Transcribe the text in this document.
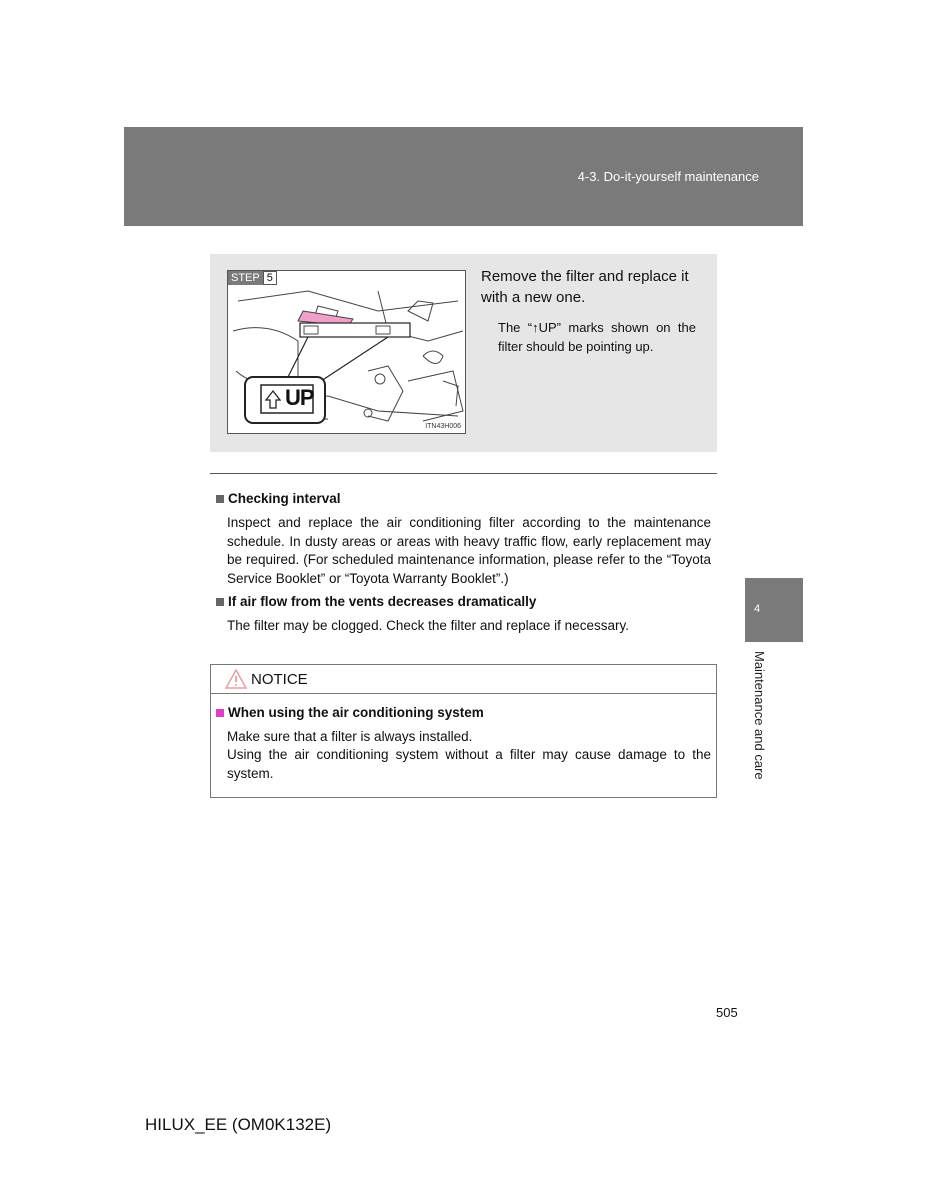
4-3. Do-it-yourself maintenance
STEP 5
UP
ITN43H006
Remove the filter and replace it with a new one.
The “↑UP” marks shown on the filter should be pointing up.
Checking interval
Inspect and replace the air conditioning filter according to the maintenance schedule. In dusty areas or areas with heavy traffic flow, early replacement may be required. (For scheduled maintenance information, please refer to the “Toyota Service Booklet” or “Toyota Warranty Booklet”.)
If air flow from the vents decreases dramatically
The filter may be clogged. Check the filter and replace if necessary.
NOTICE
When using the air conditioning system
Make sure that a filter is always installed.
Using the air conditioning system without a filter may cause damage to the system.
4
Maintenance and care
505
HILUX_EE (OM0K132E)
